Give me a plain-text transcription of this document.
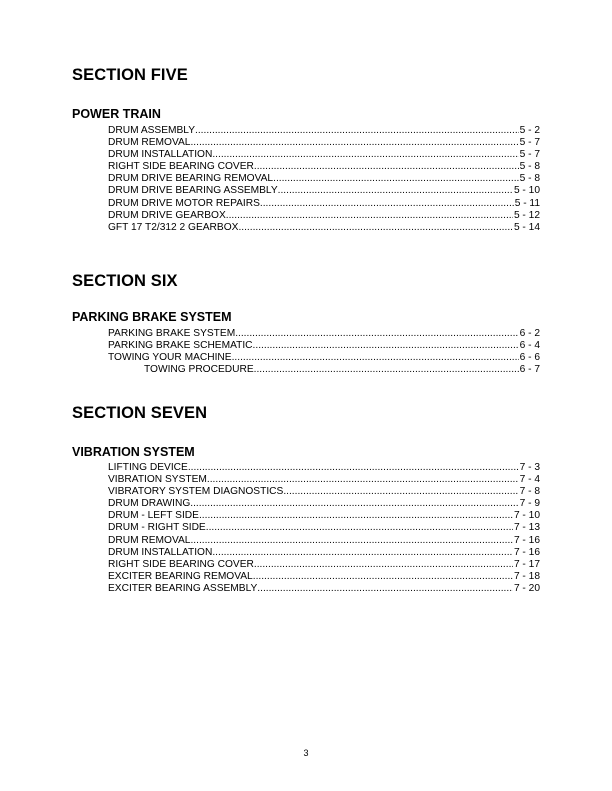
SECTION FIVE
POWER TRAIN
DRUM ASSEMBLY .....	5 - 2
DRUM REMOVAL .....	5 - 7
DRUM INSTALLATION .....	5 - 7
RIGHT SIDE BEARING COVER .....	5 - 8
DRUM DRIVE BEARING REMOVAL .....	5 - 8
DRUM DRIVE BEARING ASSEMBLY .....	5 - 10
DRUM DRIVE MOTOR REPAIRS .....	5 - 11
DRUM DRIVE GEARBOX .....	5 - 12
GFT 17 T2/312 2 GEARBOX .....	5 - 14
SECTION SIX
PARKING BRAKE SYSTEM
PARKING BRAKE SYSTEM .....	6 - 2
PARKING BRAKE SCHEMATIC .....	6 - 4
TOWING YOUR MACHINE .....	6 - 6
TOWING PROCEDURE .....	6 - 7
SECTION SEVEN
VIBRATION SYSTEM
LIFTING DEVICE .....	7 - 3
VIBRATION SYSTEM .....	7 - 4
VIBRATORY SYSTEM DIAGNOSTICS .....	7 - 8
DRUM DRAWING .....	7 - 9
DRUM - LEFT SIDE .....	7 - 10
DRUM - RIGHT SIDE .....	7 - 13
DRUM REMOVAL .....	7 - 16
DRUM INSTALLATION .....	7 - 16
RIGHT SIDE BEARING COVER .....	7 - 17
EXCITER BEARING REMOVAL .....	7 - 18
EXCITER BEARING ASSEMBLY .....	7 - 20

3
